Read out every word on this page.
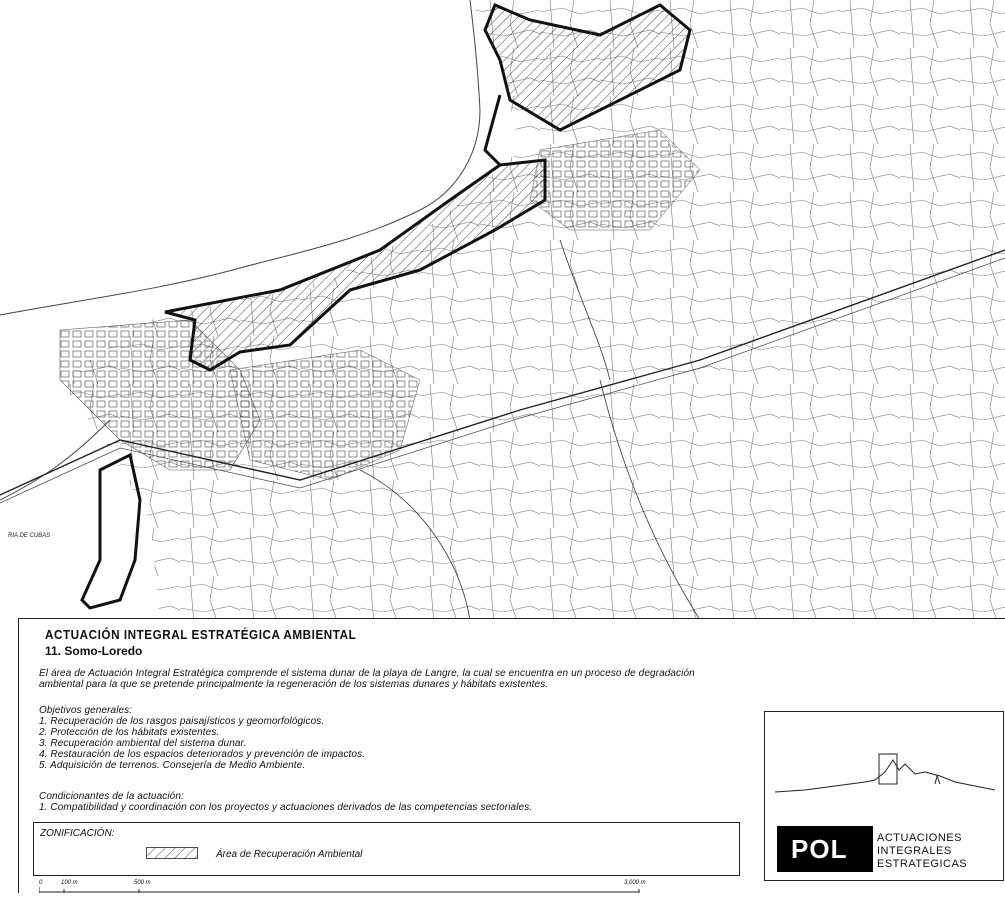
RIA DE CUBAS
ACTUACIÓN INTEGRAL ESTRATÉGICA AMBIENTAL
11. Somo-Loredo
El área de Actuación Integral Estratégica comprende el sistema dunar de la playa de Langre, la cual se encuentra en un proceso de degradación ambiental para la que se pretende principalmente la regeneración de los sistemas dunares y hábitats existentes.
Objetivos generales:
1. Recuperación de los rasgos paisajísticos y geomorfológicos.
2. Protección de los hábitats existentes.
3. Recuperación ambiental del sistema dunar.
4. Restauración de los espacios deteriorados y prevención de impactos.
5. Adquisición de terrenos. Consejería de Medio Ambiente.
Condicionantes de la actuación:
1. Compatibilidad y coordinación con los proyectos y actuaciones derivados de las competencias sectoriales.
ZONIFICACIÓN:
Área de Recuperación Ambiental
0	100 m	500 m	3,000 m
POL	ACTUACIONES
INTEGRALES
ESTRATEGICAS
